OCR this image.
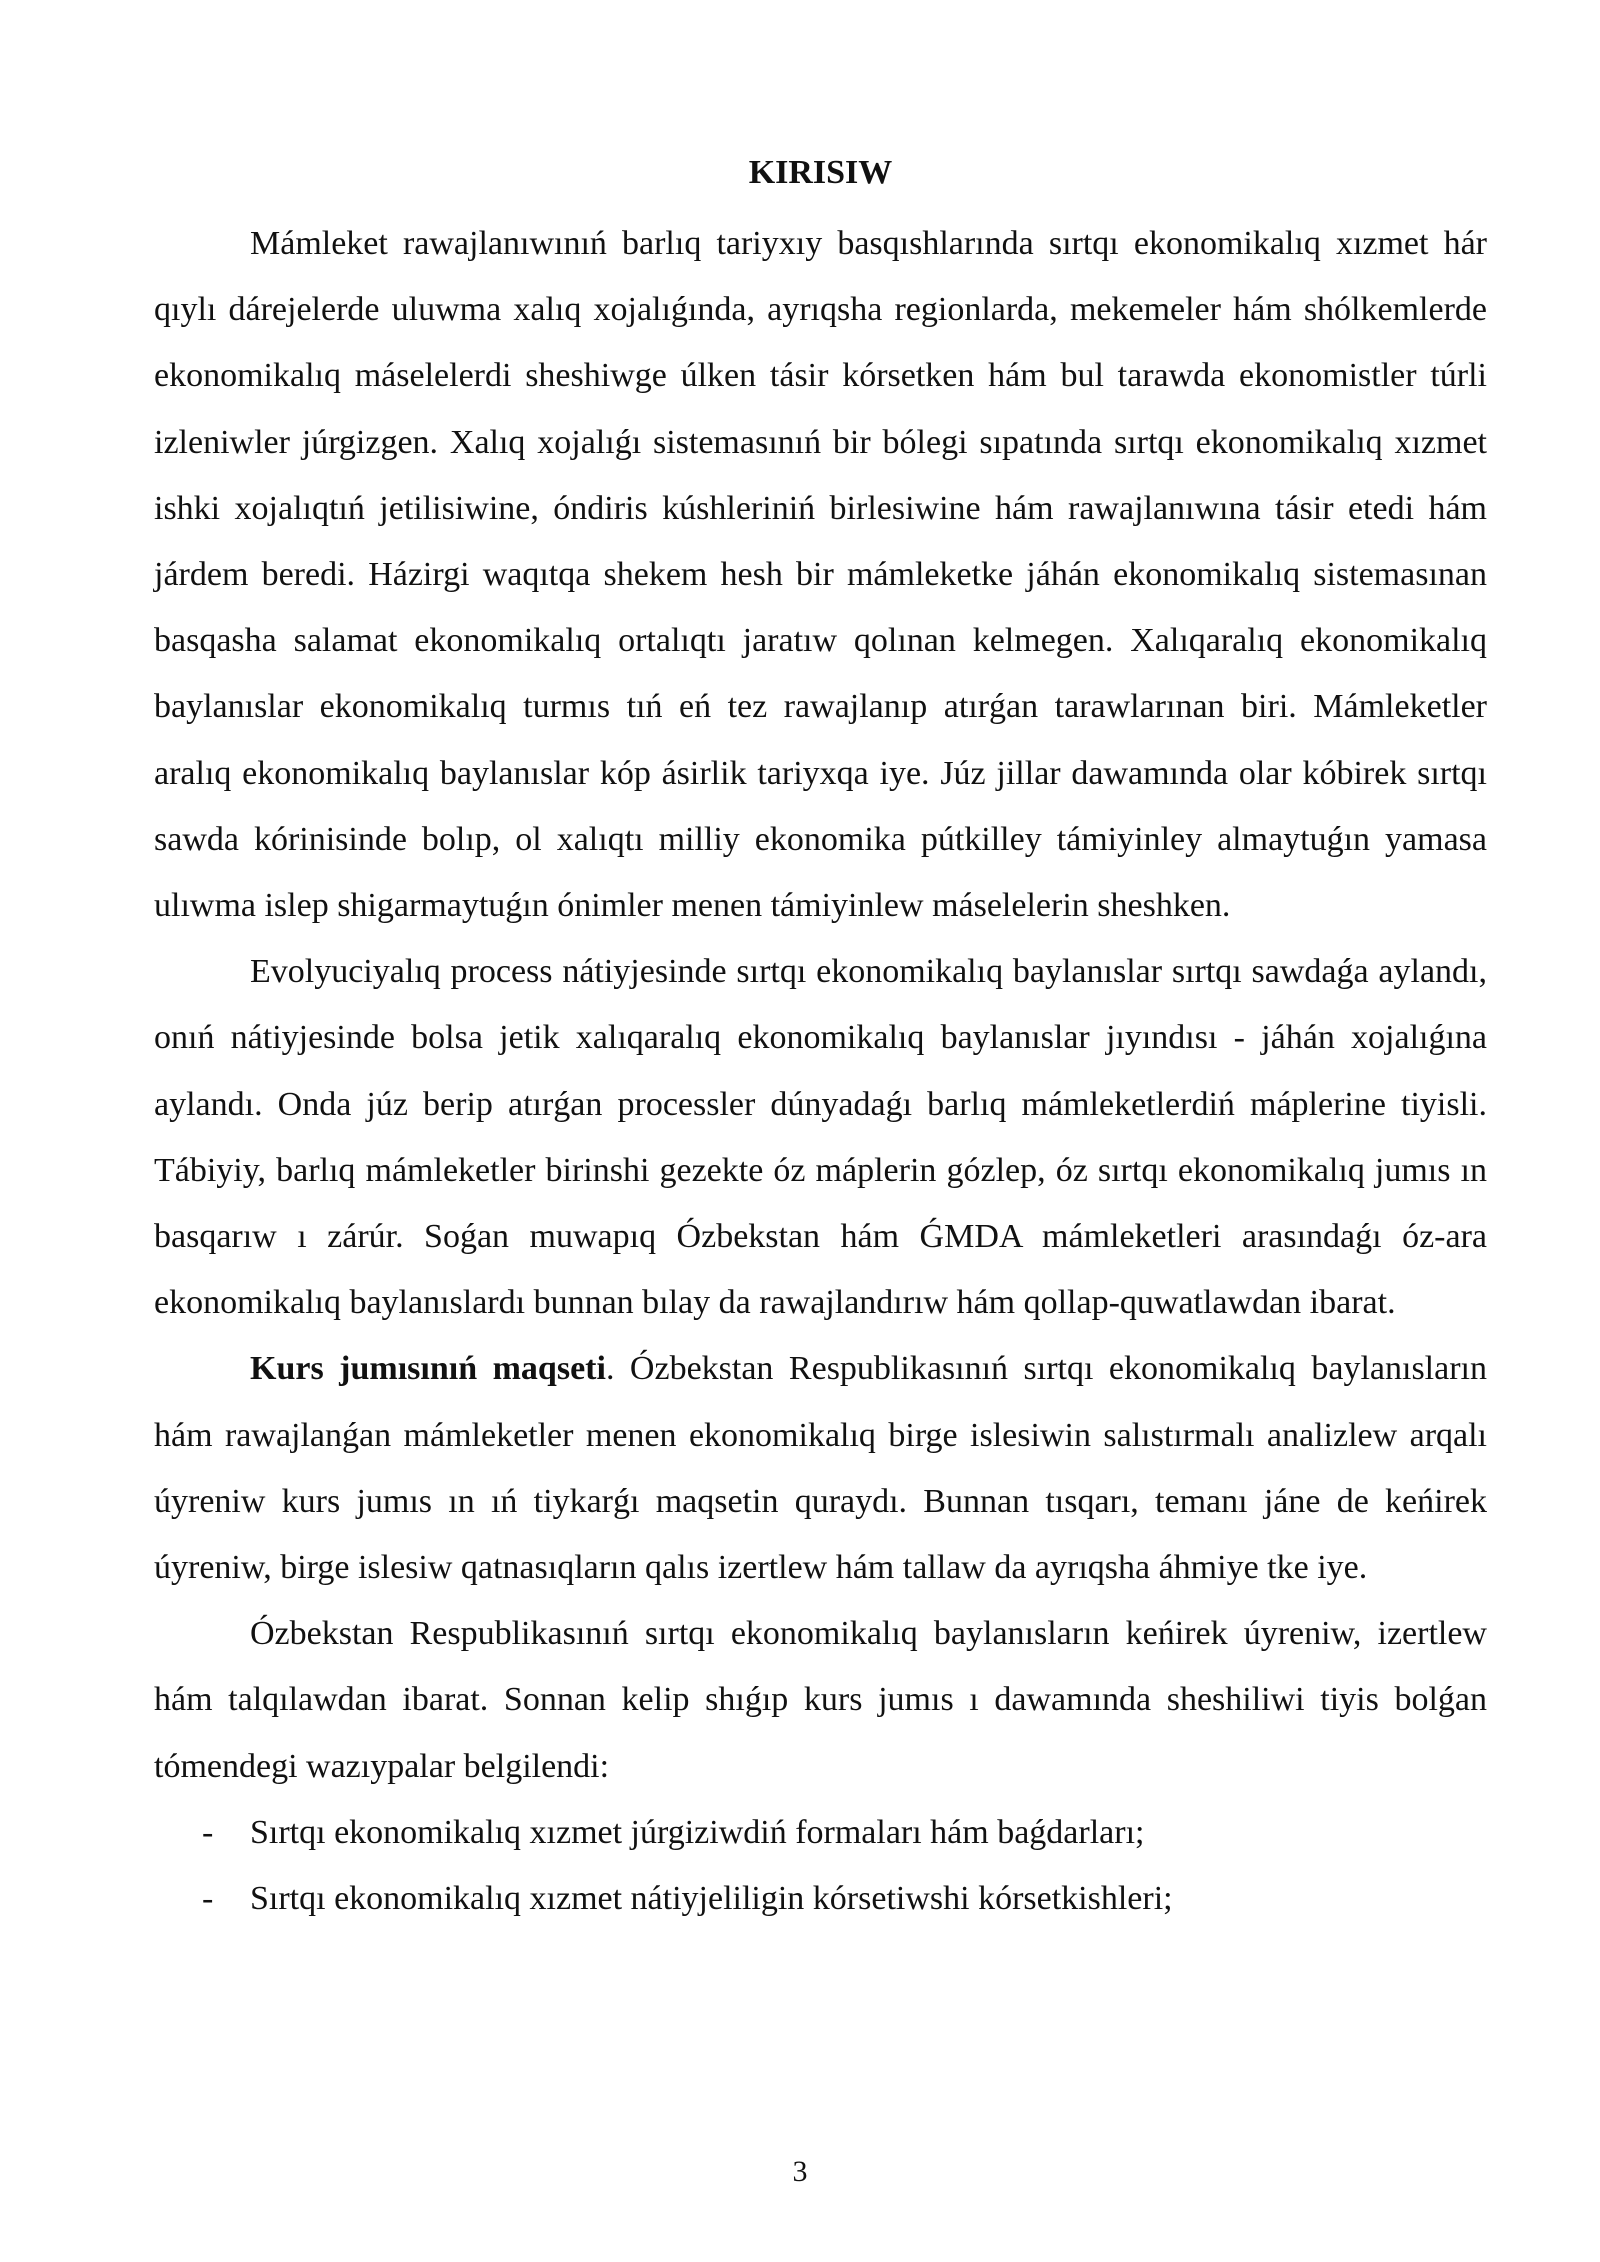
KIRISIW

Mámleket rawajlanıwınıń barlıq tariyxıy basqıshlarında sırtqı ekonomikalıq xızmet hár qıylı dárejelerde uluwma xalıq xojalıǵında, ayrıqsha regionlarda, mekemeler hám shólkemlerde ekonomikalıq máselelerdi sheshiwge úlken tásir kórsetken hám bul tarawda ekonomistler túrli izleniwler júrgizgen. Xalıq xojalıǵı sistemasınıń bir bólegi sıpatında sırtqı ekonomikalıq xızmet ishki xojalıqtıń jetilisiwine, óndiris kúshleriniń birlesiwine hám rawajlanıwına tásir etedi hám járdem beredi. Házirgi waqıtqa shekem hesh bir mámleketke jáhán ekonomikalıq sistemasınan basqasha salamat ekonomikalıq ortalıqtı jaratıw qolınan kelmegen. Xalıqaralıq ekonomikalıq baylanıslar ekonomikalıq turmıs tıń eń tez rawajlanıp atırǵan tarawlarınan biri. Mámleketler aralıq ekonomikalıq baylanıslar kóp ásirlik tariyxqa iye. Júz jillar dawamında olar kóbirek sırtqı sawda kórinisinde bolıp, ol xalıqtı milliy ekonomika pútkilley támiyinley almaytuǵın yamasa ulıwma islep shigarmaytuǵın ónimler menen támiyinlew máselelerin sheshken.

Evolyuciyalıq process nátiyjesinde sırtqı ekonomikalıq baylanıslar sırtqı sawdaǵa aylandı, onıń nátiyjesinde bolsa jetik xalıqaralıq ekonomikalıq baylanıslar jıyındısı - jáhán xojalıǵına aylandı. Onda júz berip atırǵan processler dúnyadaǵı barlıq mámleketlerdiń máplerine tiyisli. Tábiyiy, barlıq mámleketler birinshi gezekte óz máplerin gózlep, óz sırtqı ekonomikalıq jumıs ın basqarıw ı zárúr. Soǵan muwapıq Ózbekstan hám ǴMDA mámleketleri arasındaǵı óz-ara ekonomikalıq baylanıslardı bunnan bılay da rawajlandırıw hám qollap-quwatlawdan ibarat.

Kurs jumısınıń maqseti. Ózbekstan Respublikasınıń sırtqı ekonomikalıq baylanısların hám rawajlanǵan mámleketler menen ekonomikalıq birge islesiwin salıstırmalı analizlew arqalı úyreniw kurs jumıs ın ıń tiykarǵı maqsetin quraydı. Bunnan tısqarı, temanı jáne de keńirek úyreniw, birge islesiw qatnasıqların qalıs izertlew hám tallaw da ayrıqsha áhmiye tke iye.

Ózbekstan Respublikasınıń sırtqı ekonomikalıq baylanısların keńirek úyreniw, izertlew hám talqılawdan ibarat. Sonnan kelip shıǵıp kurs jumıs ı dawamında sheshiliwi tiyis bolǵan tómendegi wazıypalar belgilendi:

- Sırtqı ekonomikalıq xızmet júrgiziwdiń formaları hám baǵdarları;
- Sırtqı ekonomikalıq xızmet nátiyjeliligin kórsetiwshi kórsetkishleri;
3
